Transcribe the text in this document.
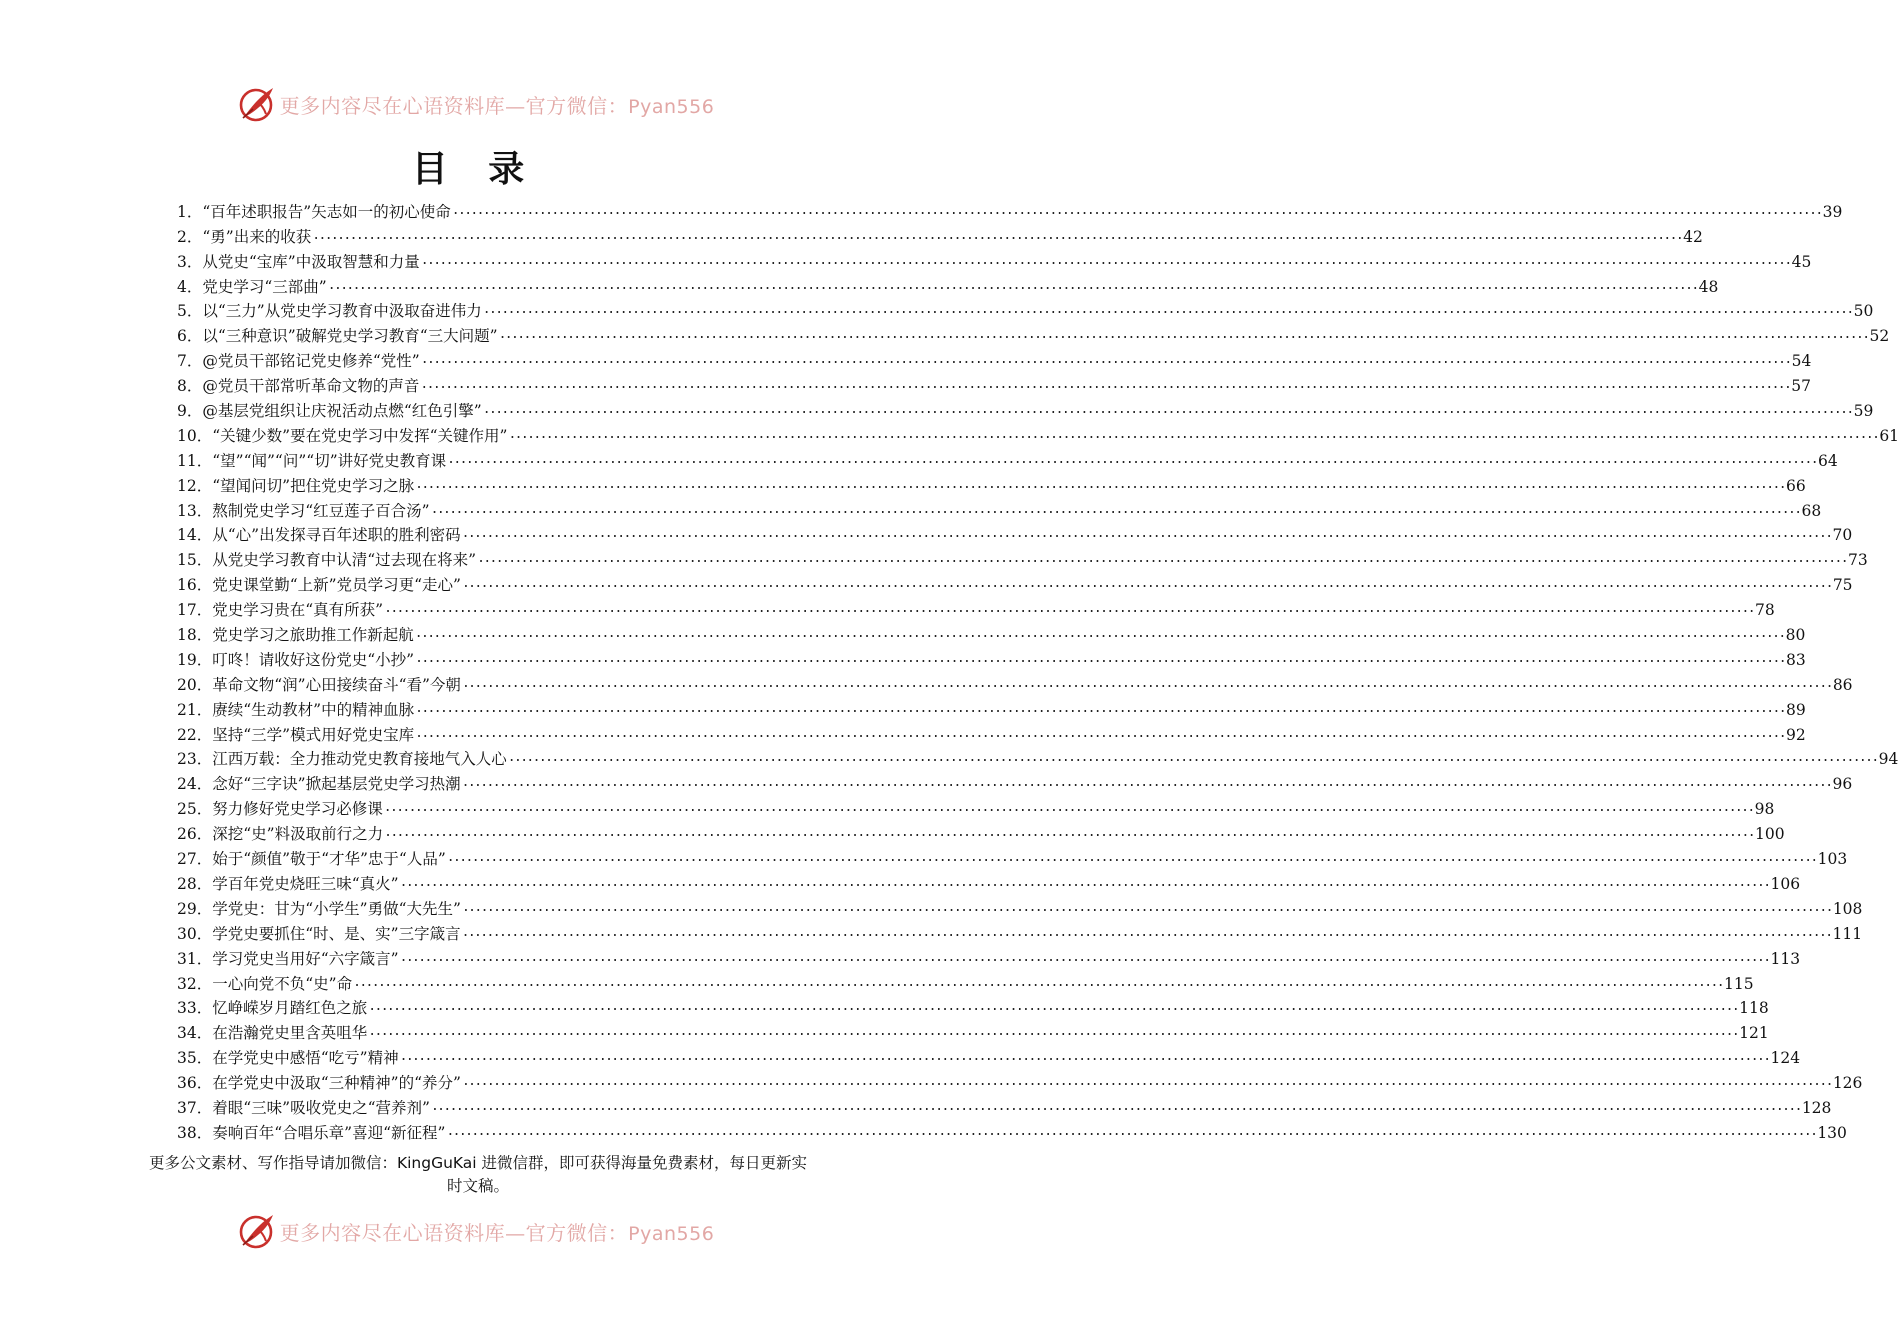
更多内容尽在心语资料库—官方微信：Pyan556
目 录
1． “百年述职报告”矢志如一的初心使命 ............................................................................................................................................................................................................................ 39
2． “勇”出来的收获 ............................................................................................................................................................................................................................ 42
3． 从党史“宝库”中汲取智慧和力量 ............................................................................................................................................................................................................................ 45
4． 党史学习“三部曲” ............................................................................................................................................................................................................................ 48
5． 以“三力”从党史学习教育中汲取奋进伟力 ............................................................................................................................................................................................................................ 50
6． 以“三种意识”破解党史学习教育“三大问题” ............................................................................................................................................................................................................................ 52
7． @党员干部铭记党史修养“党性” ............................................................................................................................................................................................................................ 54
8． @党员干部常听革命文物的声音 ............................................................................................................................................................................................................................ 57
9． @基层党组织让庆祝活动点燃“红色引擎” ............................................................................................................................................................................................................................ 59
10． “关键少数”要在党史学习中发挥“关键作用” ............................................................................................................................................................................................................................ 61
11． “望”“闻”“问”“切”讲好党史教育课 ............................................................................................................................................................................................................................ 64
12． “望闻问切”把住党史学习之脉 ............................................................................................................................................................................................................................ 66
13． 熬制党史学习“红豆莲子百合汤” ............................................................................................................................................................................................................................ 68
14． 从“心”出发探寻百年述职的胜利密码 ............................................................................................................................................................................................................................ 70
15． 从党史学习教育中认清“过去现在将来” ............................................................................................................................................................................................................................ 73
16． 党史课堂勤“上新”党员学习更“走心” ............................................................................................................................................................................................................................ 75
17． 党史学习贵在“真有所获” ............................................................................................................................................................................................................................ 78
18． 党史学习之旅助推工作新起航 ............................................................................................................................................................................................................................ 80
19． 叮咚！请收好这份党史“小抄” ............................................................................................................................................................................................................................ 83
20． 革命文物“润”心田接续奋斗“看”今朝 ............................................................................................................................................................................................................................ 86
21． 赓续“生动教材”中的精神血脉 ............................................................................................................................................................................................................................ 89
22． 坚持“三学”模式用好党史宝库 ............................................................................................................................................................................................................................ 92
23． 江西万载：全力推动党史教育接地气入人心 ............................................................................................................................................................................................................................ 94
24． 念好“三字诀”掀起基层党史学习热潮 ............................................................................................................................................................................................................................ 96
25． 努力修好党史学习必修课 ............................................................................................................................................................................................................................ 98
26． 深挖“史”料汲取前行之力 ............................................................................................................................................................................................................................ 100
27． 始于“颜值”敬于“才华”忠于“人品” ............................................................................................................................................................................................................................ 103
28． 学百年党史烧旺三味“真火” ............................................................................................................................................................................................................................ 106
29． 学党史：甘为“小学生”勇做“大先生” ............................................................................................................................................................................................................................ 108
30． 学党史要抓住“时、是、实”三字箴言 ............................................................................................................................................................................................................................ 111
31． 学习党史当用好“六字箴言” ............................................................................................................................................................................................................................ 113
32． 一心向党不负“史”命 ............................................................................................................................................................................................................................ 115
33． 忆峥嵘岁月踏红色之旅 ............................................................................................................................................................................................................................ 118
34． 在浩瀚党史里含英咀华 ............................................................................................................................................................................................................................ 121
35． 在学党史中感悟“吃亏”精神 ............................................................................................................................................................................................................................ 124
36． 在学党史中汲取“三种精神”的“养分” ............................................................................................................................................................................................................................ 126
37． 着眼“三味”吸收党史之“营养剂” ............................................................................................................................................................................................................................ 128
38． 奏响百年“合唱乐章”喜迎“新征程” ............................................................................................................................................................................................................................ 130
更多公文素材、写作指导请加微信：KingGuKai 进微信群，即可获得海量免费素材，每日更新实时文稿。
更多内容尽在心语资料库—官方微信：Pyan556
